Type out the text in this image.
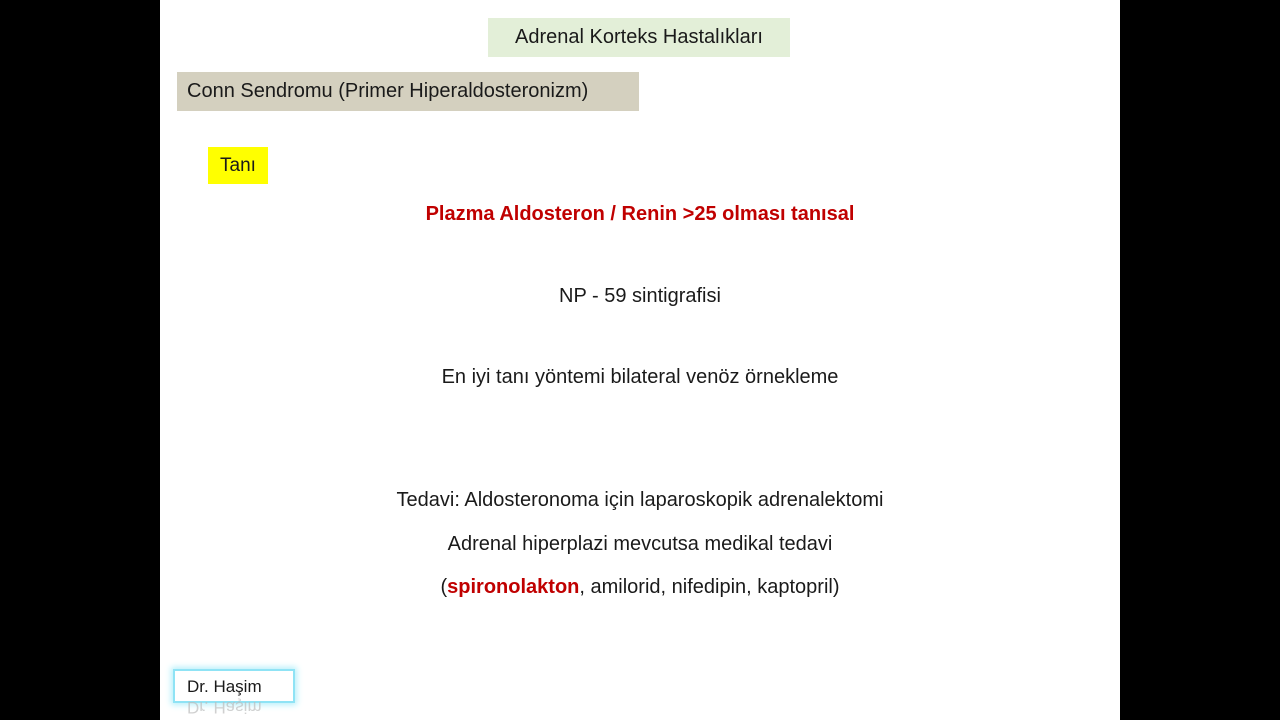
Adrenal Korteks Hastalıkları
Conn Sendromu (Primer Hiperaldosteronizm)
Tanı
Plazma Aldosteron / Renin >25 olması tanısal
NP - 59 sintigrafisi
En iyi tanı yöntemi bilateral venöz örnekleme
Tedavi: Aldosteronoma için laparoskopik adrenalektomi
Adrenal hiperplazi mevcutsa medikal tedavi
(spironolakton, amilorid, nifedipin, kaptopril)
Dr. Haşim
Dr. Haşim
